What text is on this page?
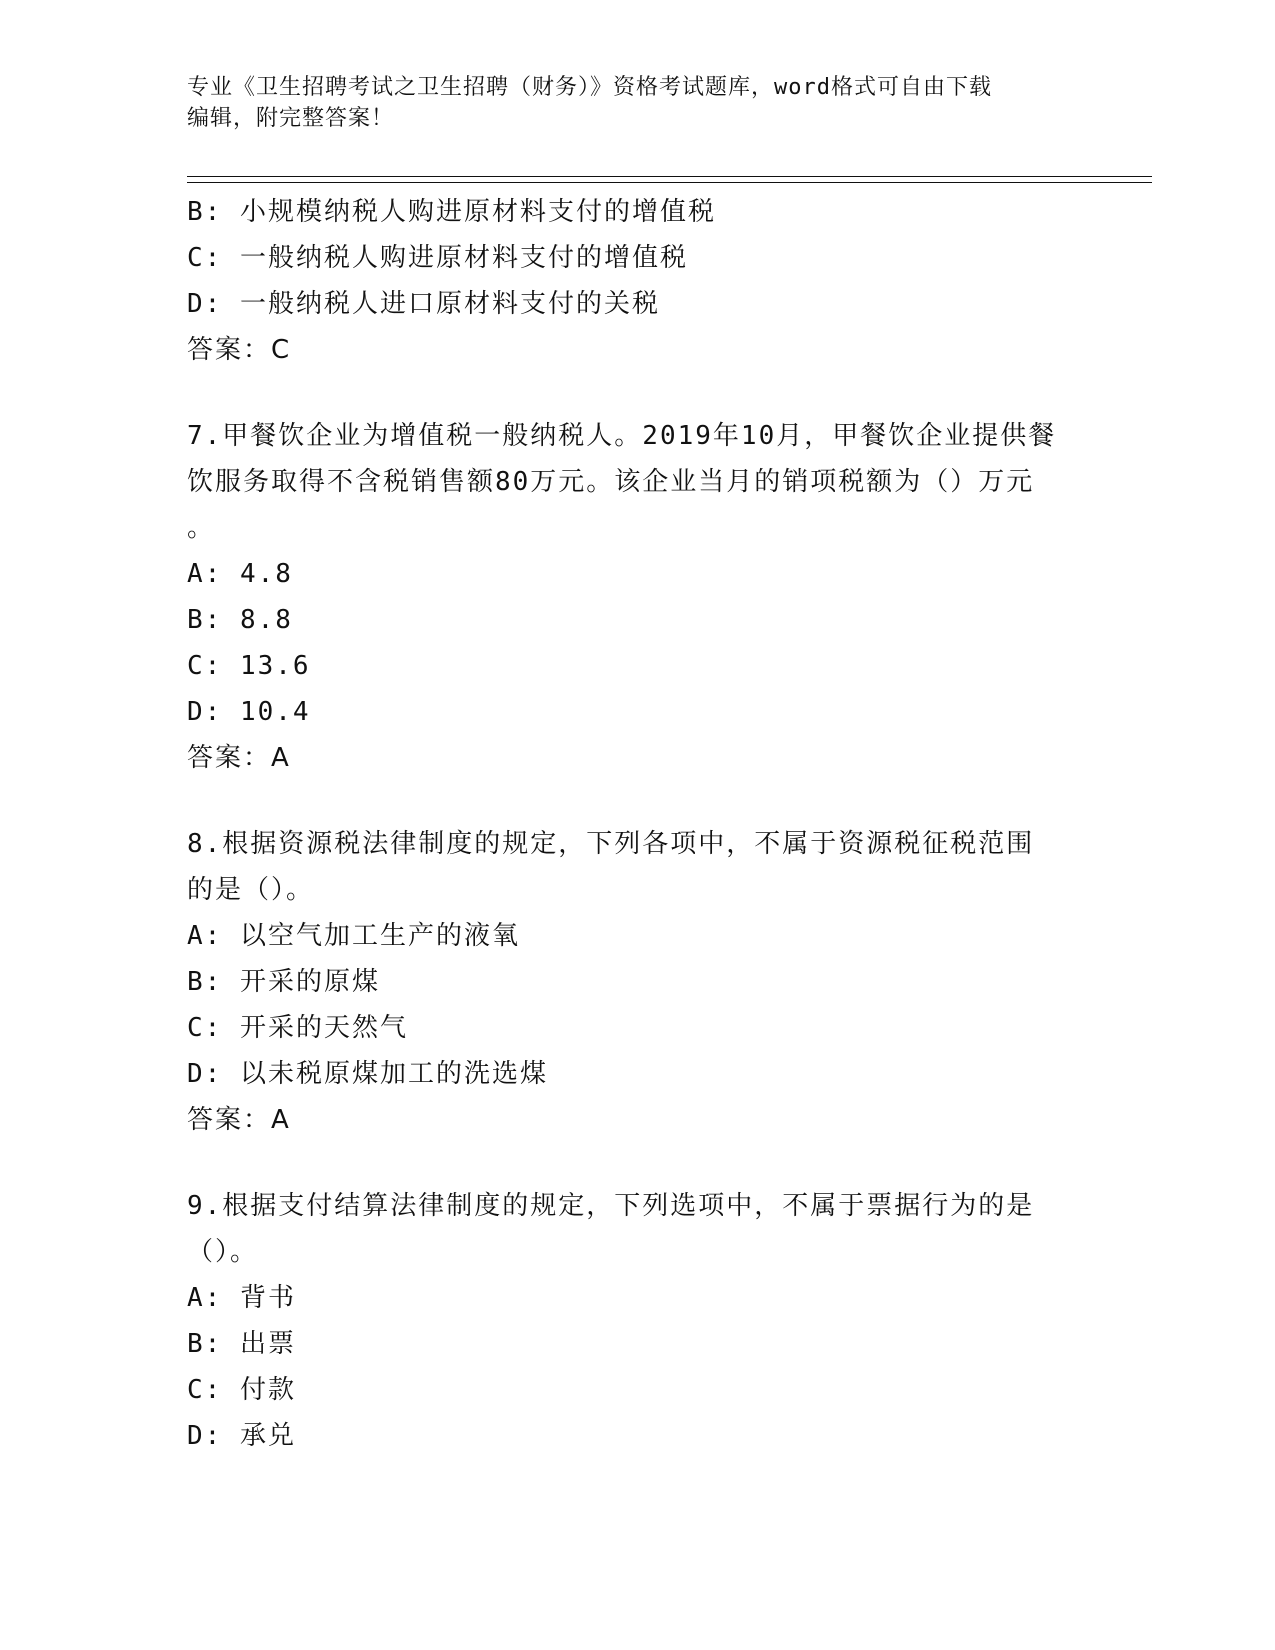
专业《卫生招聘考试之卫生招聘（财务）》资格考试题库，word格式可自由下载
编辑，附完整答案！
B: 小规模纳税人购进原材料支付的增值税
C: 一般纳税人购进原材料支付的增值税
D: 一般纳税人进口原材料支付的关税
答案：C
7.甲餐饮企业为增值税一般纳税人。2019年10月，甲餐饮企业提供餐
饮服务取得不含税销售额80万元。该企业当月的销项税额为（）万元
。
A: 4.8
B: 8.8
C: 13.6
D: 10.4
答案：A
8.根据资源税法律制度的规定，下列各项中，不属于资源税征税范围
的是（）。
A: 以空气加工生产的液氧
B: 开采的原煤
C: 开采的天然气
D: 以未税原煤加工的洗选煤
答案：A
9.根据支付结算法律制度的规定，下列选项中，不属于票据行为的是
（）。
A: 背书
B: 出票
C: 付款
D: 承兑
